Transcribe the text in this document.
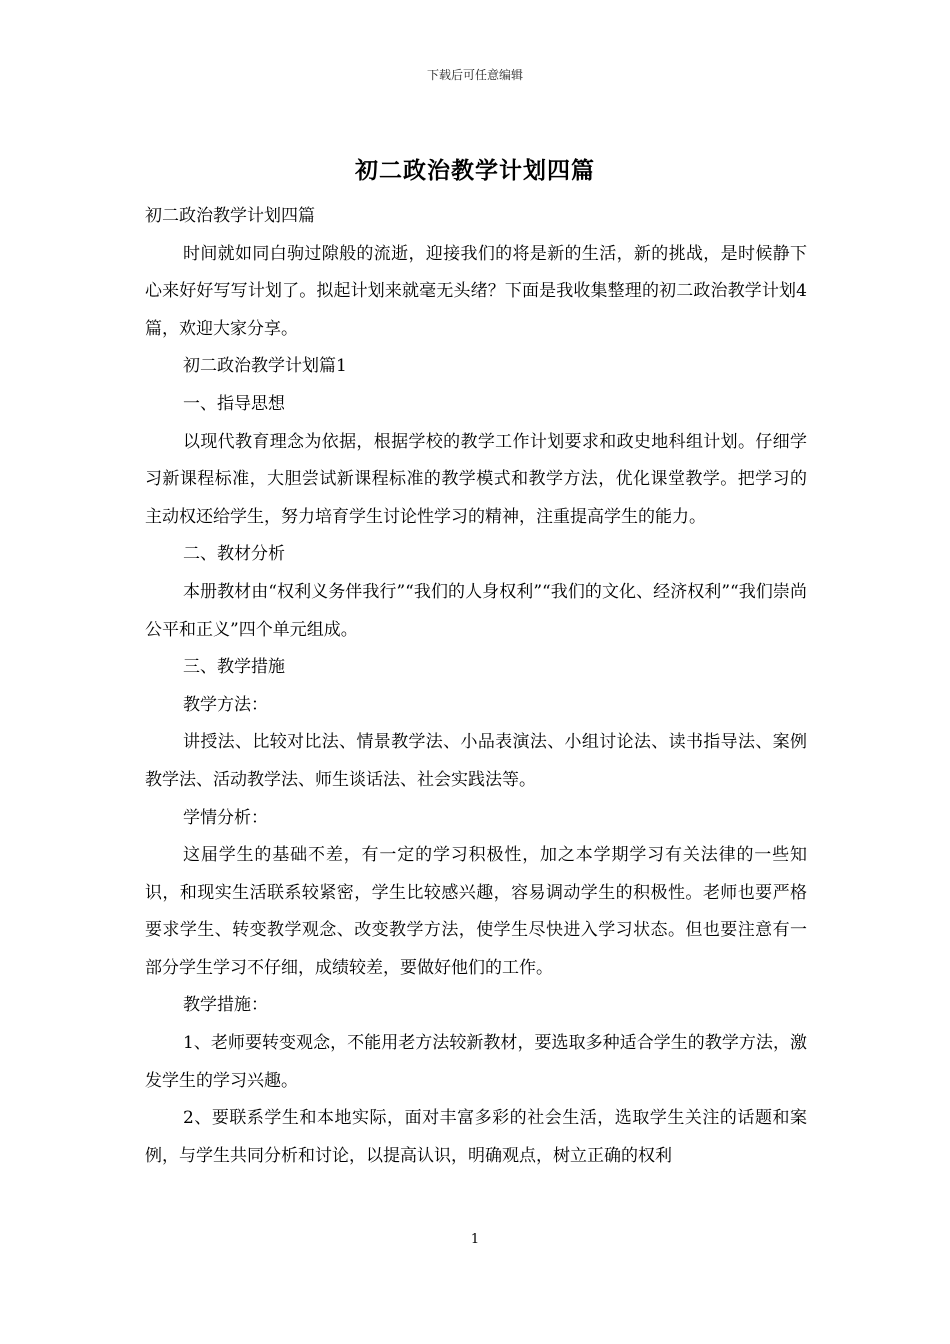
下载后可任意编辑
初二政治教学计划四篇

初二政治教学计划四篇

时间就如同白驹过隙般的流逝，迎接我们的将是新的生活，新的挑战，是时候静下心来好好写写计划了。拟起计划来就毫无头绪？下面是我收集整理的初二政治教学计划4篇，欢迎大家分享。

初二政治教学计划篇1

一、指导思想

以现代教育理念为依据，根据学校的教学工作计划要求和政史地科组计划。仔细学习新课程标准，大胆尝试新课程标准的教学模式和教学方法，优化课堂教学。把学习的主动权还给学生，努力培育学生讨论性学习的精神，注重提高学生的能力。

二、教材分析

本册教材由“权利义务伴我行”“我们的人身权利”“我们的文化、经济权利”“我们崇尚公平和正义”四个单元组成。

三、教学措施

教学方法：

讲授法、比较对比法、情景教学法、小品表演法、小组讨论法、读书指导法、案例教学法、活动教学法、师生谈话法、社会实践法等。

学情分析：

这届学生的基础不差，有一定的学习积极性，加之本学期学习有关法律的一些知识，和现实生活联系较紧密，学生比较感兴趣，容易调动学生的积极性。老师也要严格要求学生、转变教学观念、改变教学方法，使学生尽快进入学习状态。但也要注意有一部分学生学习不仔细，成绩较差，要做好他们的工作。

教学措施：

1、老师要转变观念，不能用老方法较新教材，要选取多种适合学生的教学方法，激发学生的学习兴趣。

2、要联系学生和本地实际，面对丰富多彩的社会生活，选取学生关注的话题和案例，与学生共同分析和讨论，以提高认识，明确观点，树立正确的权利

1
